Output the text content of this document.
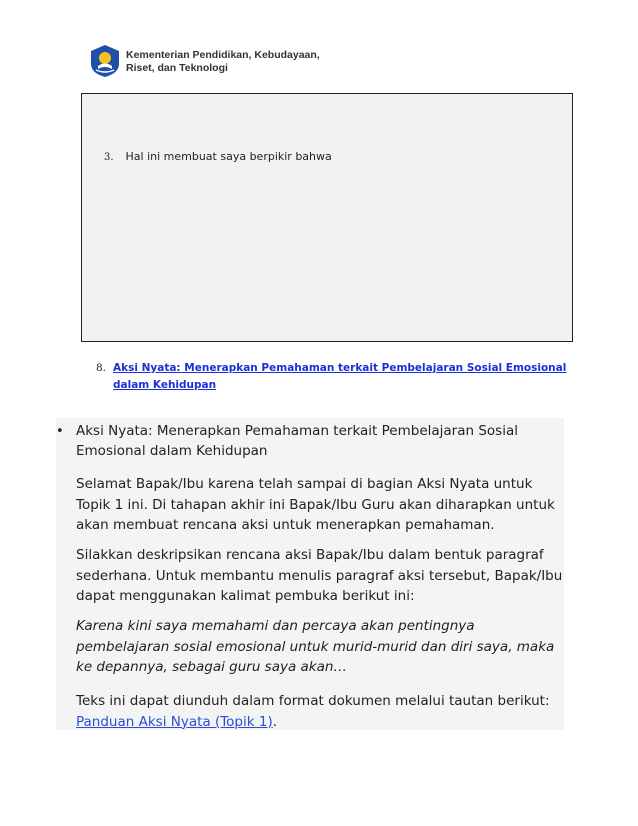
Kementerian Pendidikan, Kebudayaan,
Riset, dan Teknologi
3. Hal ini membuat saya berpikir bahwa
8. Aksi Nyata: Menerapkan Pemahaman terkait Pembelajaran Sosial Emosional dalam Kehidupan
• Aksi Nyata: Menerapkan Pemahaman terkait Pembelajaran Sosial Emosional dalam Kehidupan

Selamat Bapak/Ibu karena telah sampai di bagian Aksi Nyata untuk Topik 1 ini. Di tahapan akhir ini Bapak/Ibu Guru akan diharapkan untuk akan membuat rencana aksi untuk menerapkan pemahaman.

Silakkan deskripsikan rencana aksi Bapak/Ibu dalam bentuk paragraf sederhana. Untuk membantu menulis paragraf aksi tersebut, Bapak/Ibu dapat menggunakan kalimat pembuka berikut ini:

Karena kini saya memahami dan percaya akan pentingnya pembelajaran sosial emosional untuk murid-murid dan diri saya, maka ke depannya, sebagai guru saya akan…

Teks ini dapat diunduh dalam format dokumen melalui tautan berikut: Panduan Aksi Nyata (Topik 1).
